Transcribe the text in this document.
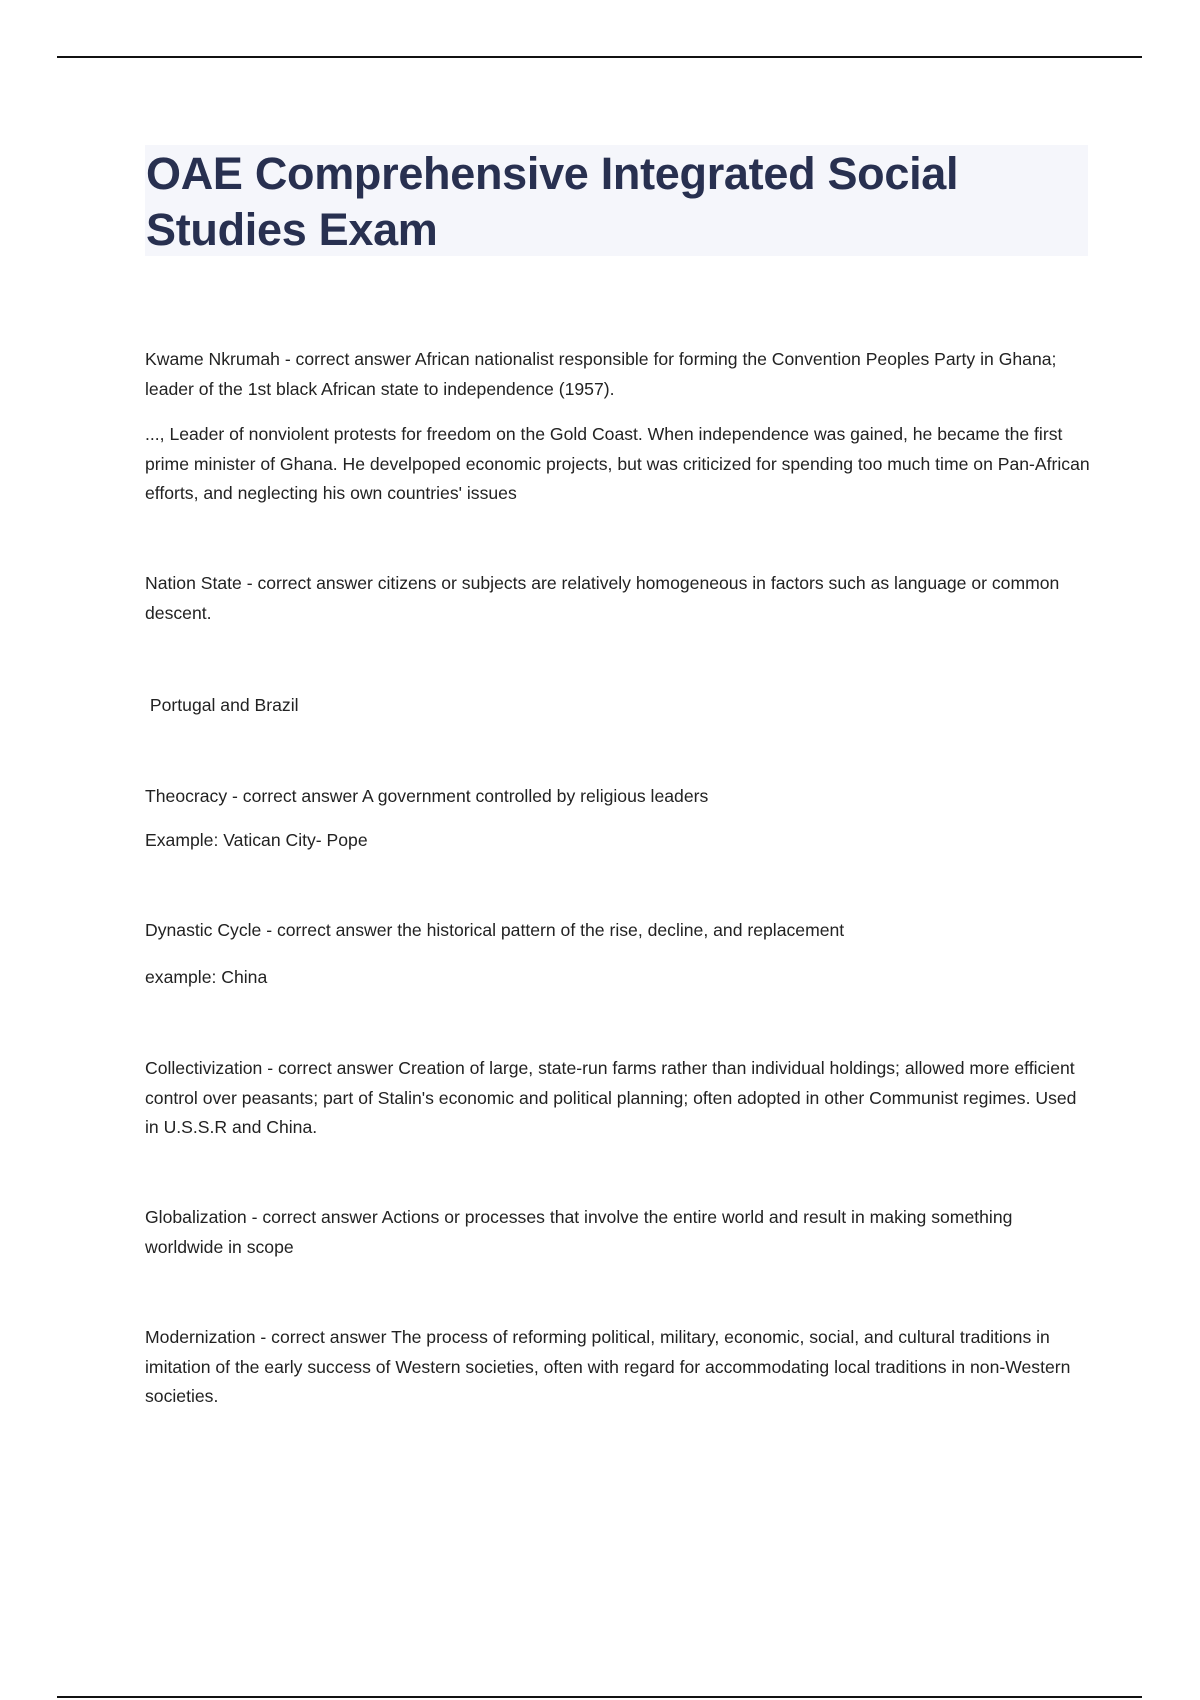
OAE Comprehensive Integrated Social Studies Exam

Kwame Nkrumah - correct answer African nationalist responsible for forming the Convention Peoples Party in Ghana; leader of the 1st black African state to independence (1957).

..., Leader of nonviolent protests for freedom on the Gold Coast. When independence was gained, he became the first prime minister of Ghana. He develpoped economic projects, but was criticized for spending too much time on Pan-African efforts, and neglecting his own countries' issues

Nation State - correct answer citizens or subjects are relatively homogeneous in factors such as language or common descent.

Portugal and Brazil

Theocracy - correct answer A government controlled by religious leaders

Example: Vatican City- Pope

Dynastic Cycle - correct answer the historical pattern of the rise, decline, and replacement

example: China

Collectivization - correct answer Creation of large, state-run farms rather than individual holdings; allowed more efficient control over peasants; part of Stalin's economic and political planning; often adopted in other Communist regimes. Used in U.S.S.R and China.

Globalization - correct answer Actions or processes that involve the entire world and result in making something worldwide in scope

Modernization - correct answer The process of reforming political, military, economic, social, and cultural traditions in imitation of the early success of Western societies, often with regard for accommodating local traditions in non-Western societies.
